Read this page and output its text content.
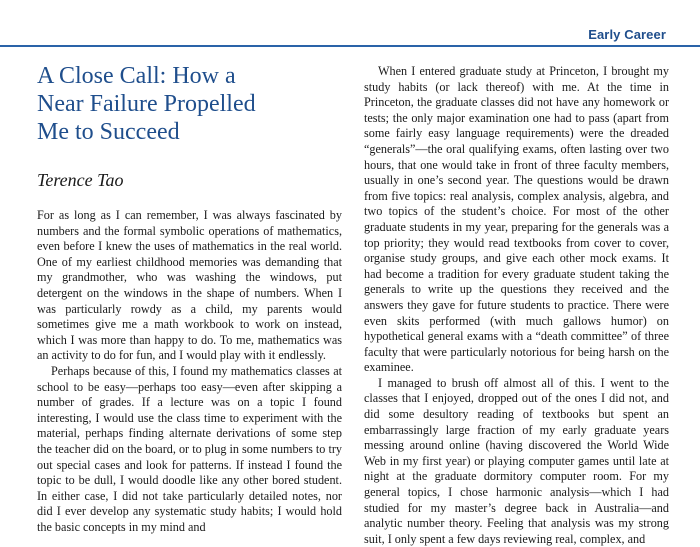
Early Career
A Close Call: How a
Near Failure Propelled
Me to Succeed
Terence Tao

For as long as I can remember, I was always fascinated by numbers and the formal symbolic operations of mathematics, even before I knew the uses of mathematics in the real world. One of my earliest childhood memories was demanding that my grandmother, who was washing the windows, put detergent on the windows in the shape of numbers. When I was particularly rowdy as a child, my parents would sometimes give me a math workbook to work on instead, which I was more than happy to do. To me, mathematics was an activity to do for fun, and I would play with it endlessly.

Perhaps because of this, I found my mathematics classes at school to be easy—perhaps too easy—even after skipping a number of grades. If a lecture was on a topic I found interesting, I would use the class time to experiment with the material, perhaps finding alternate derivations of some step the teacher did on the board, or to plug in some numbers to try out special cases and look for patterns. If instead I found the topic to be dull, I would doodle like any other bored student. In either case, I did not take particularly detailed notes, nor did I ever develop any systematic study habits; I would hold the basic concepts in my mind and

When I entered graduate study at Princeton, I brought my study habits (or lack thereof) with me. At the time in Princeton, the graduate classes did not have any homework or tests; the only major examination one had to pass (apart from some fairly easy language requirements) were the dreaded “generals”—the oral qualifying exams, often lasting over two hours, that one would take in front of three faculty members, usually in one’s second year. The questions would be drawn from five topics: real analysis, complex analysis, algebra, and two topics of the student’s choice. For most of the other graduate students in my year, preparing for the generals was a top priority; they would read textbooks from cover to cover, organise study groups, and give each other mock exams. It had become a tradition for every graduate student taking the generals to write up the questions they received and the answers they gave for future students to practice. There were even skits performed (with much gallows humor) on hypothetical general exams with a “death committee” of three faculty that were particularly notorious for being harsh on the examinee.

I managed to brush off almost all of this. I went to the classes that I enjoyed, dropped out of the ones I did not, and did some desultory reading of textbooks but spent an embarrassingly large fraction of my early graduate years messing around online (having discovered the World Wide Web in my first year) or playing computer games until late at night at the graduate dormitory computer room. For my general topics, I chose harmonic analysis—which I had studied for my master’s degree back in Australia—and analytic number theory. Feeling that analysis was my strong suit, I only spent a few days reviewing real, complex, and
